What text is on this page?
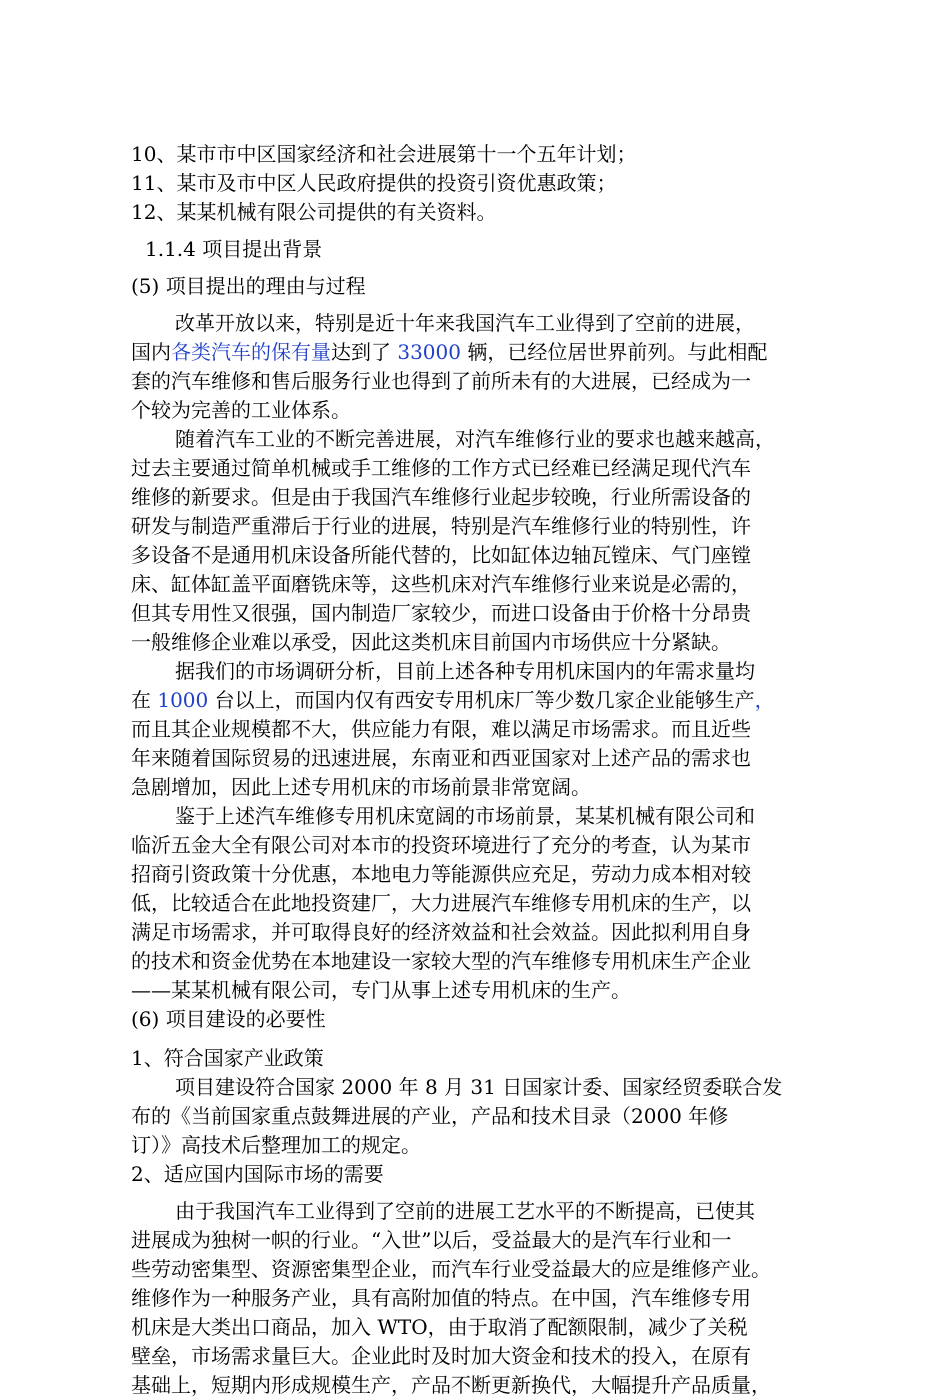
10、某市市中区国家经济和社会进展第十一个五年计划；
11、某市及市中区人民政府提供的投资引资优惠政策；
12、某某机械有限公司提供的有关资料。
1.1.4 项目提出背景
(5) 项目提出的理由与过程
改革开放以来，特别是近十年来我国汽车工业得到了空前的进展，
国内各类汽车的保有量达到了 33000 辆，已经位居世界前列。与此相配
套的汽车维修和售后服务行业也得到了前所未有的大进展，已经成为一
个较为完善的工业体系。
随着汽车工业的不断完善进展，对汽车维修行业的要求也越来越高，
过去主要通过简单机械或手工维修的工作方式已经难已经满足现代汽车
维修的新要求。但是由于我国汽车维修行业起步较晚，行业所需设备的
研发与制造严重滞后于行业的进展，特别是汽车维修行业的特别性，许
多设备不是通用机床设备所能代替的，比如缸体边轴瓦镗床、气门座镗
床、缸体缸盖平面磨铣床等，这些机床对汽车维修行业来说是必需的，
但其专用性又很强，国内制造厂家较少，而进口设备由于价格十分昂贵
一般维修企业难以承受，因此这类机床目前国内市场供应十分紧缺。
据我们的市场调研分析，目前上述各种专用机床国内的年需求量均
在 1000 台以上，而国内仅有西安专用机床厂等少数几家企业能够生产，
而且其企业规模都不大，供应能力有限，难以满足市场需求。而且近些
年来随着国际贸易的迅速进展，东南亚和西亚国家对上述产品的需求也
急剧增加，因此上述专用机床的市场前景非常宽阔。
鉴于上述汽车维修专用机床宽阔的市场前景，某某机械有限公司和
临沂五金大全有限公司对本市的投资环境进行了充分的考查，认为某市
招商引资政策十分优惠，本地电力等能源供应充足，劳动力成本相对较
低，比较适合在此地投资建厂，大力进展汽车维修专用机床的生产，以
满足市场需求，并可取得良好的经济效益和社会效益。因此拟利用自身
的技术和资金优势在本地建设一家较大型的汽车维修专用机床生产企业
——某某机械有限公司，专门从事上述专用机床的生产。
(6) 项目建设的必要性
1、符合国家产业政策
项目建设符合国家 2000 年 8 月 31 日国家计委、国家经贸委联合发
布的《当前国家重点鼓舞进展的产业，产品和技术目录（2000 年修
订）》高技术后整理加工的规定。
2、适应国内国际市场的需要
由于我国汽车工业得到了空前的进展工艺水平的不断提高，已使其
进展成为独树一帜的行业。“入世”以后，受益最大的是汽车行业和一
些劳动密集型、资源密集型企业，而汽车行业受益最大的应是维修产业。
维修作为一种服务产业，具有高附加值的特点。在中国，汽车维修专用
机床是大类出口商品，加入 WTO，由于取消了配额限制，减少了关税
壁垒，市场需求量巨大。企业此时及时加大资金和技术的投入，在原有
基础上，短期内形成规模生产，产品不断更新换代，大幅提升产品质量，
